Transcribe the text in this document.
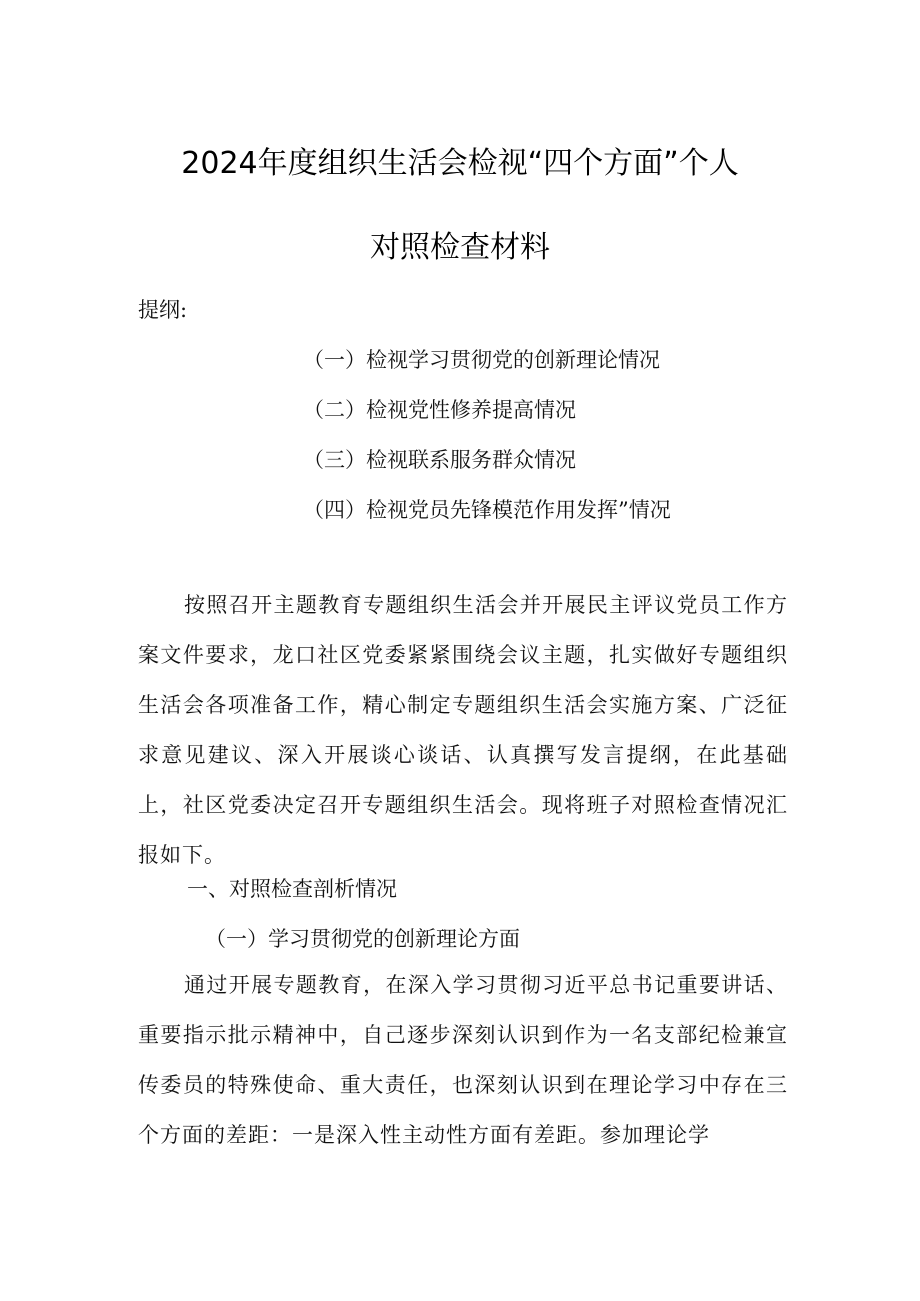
2024年度组织生活会检视“四个方面”个人
对照检查材料
提纲:
（一）检视学习贯彻党的创新理论情况
（二）检视党性修养提高情况
（三）检视联系服务群众情况
（四）检视党员先锋模范作用发挥”情况
按照召开主题教育专题组织生活会并开展民主评议党员工作方案文件要求，龙口社区党委紧紧围绕会议主题，扎实做好专题组织生活会各项准备工作，精心制定专题组织生活会实施方案、广泛征求意见建议、深入开展谈心谈话、认真撰写发言提纲，在此基础上，社区党委决定召开专题组织生活会。现将班子对照检查情况汇报如下。
一、对照检查剖析情况
（一）学习贯彻党的创新理论方面
通过开展专题教育，在深入学习贯彻习近平总书记重要讲话、重要指示批示精神中，自己逐步深刻认识到作为一名支部纪检兼宣传委员的特殊使命、重大责任，也深刻认识到在理论学习中存在三个方面的差距：一是深入性主动性方面有差距。参加理论学
